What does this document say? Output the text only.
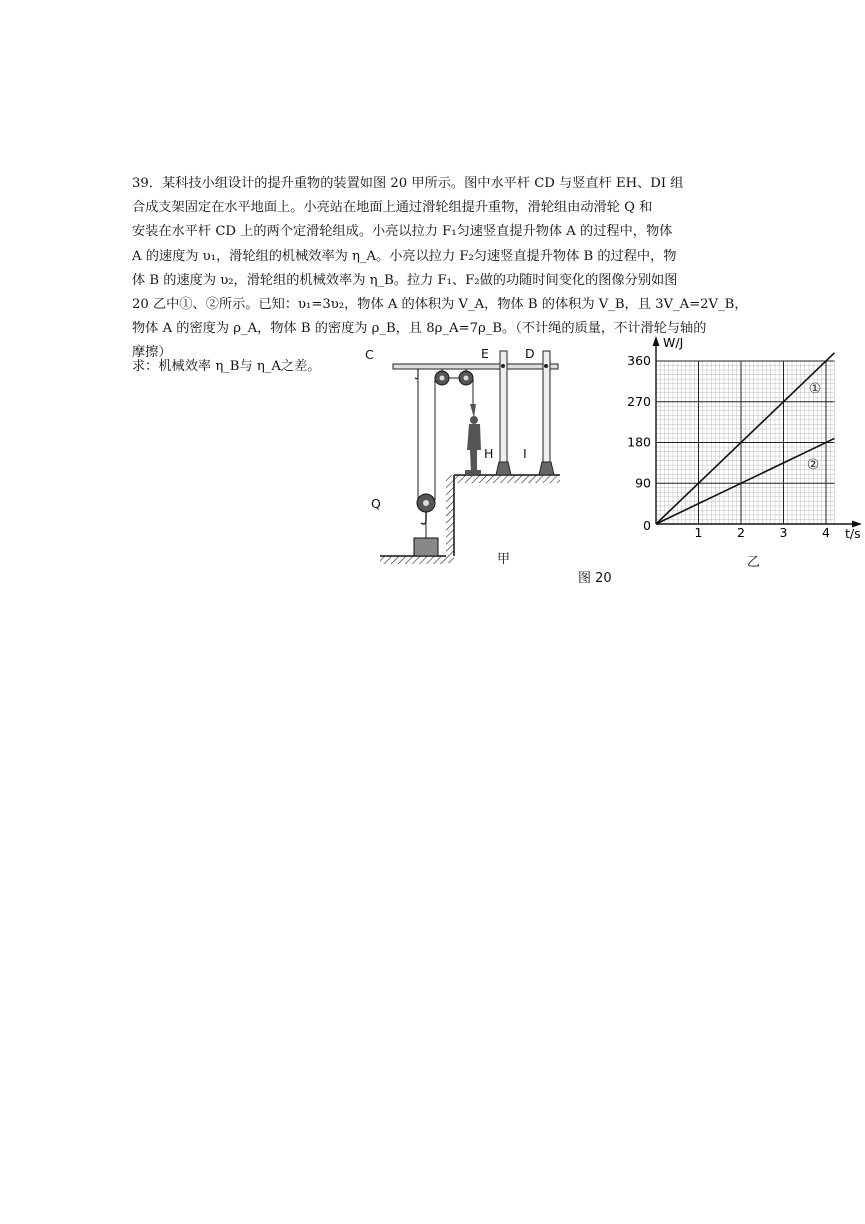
39．某科技小组设计的提升重物的装置如图 20 甲所示。图中水平杆 CD 与竖直杆 EH、DI 组

合成支架固定在水平地面上。小亮站在地面上通过滑轮组提升重物，滑轮组由动滑轮 Q 和

安装在水平杆 CD 上的两个定滑轮组成。小亮以拉力 F₁匀速竖直提升物体 A 的过程中，物体

A 的速度为 υ₁，滑轮组的机械效率为 η_A。小亮以拉力 F₂匀速竖直提升物体 B 的过程中，物

体 B 的速度为 υ₂，滑轮组的机械效率为 η_B。拉力 F₁、F₂做的功随时间变化的图像分别如图

20 乙中①、②所示。已知：υ₁=3υ₂，物体 A 的体积为 V_A，物体 B 的体积为 V_B，且 3V_A=2V_B，

物体 A 的密度为 ρ_A，物体 B 的密度为 ρ_B，且 8ρ_A=7ρ_B。（不计绳的质量，不计滑轮与轴的

摩擦）

求：机械效率 η_B与 η_A之差。
C	E	D
H I
Q
甲
图 20
①
②
1	2	3	4
90
180
270
360
0
t/s
W/J
乙
